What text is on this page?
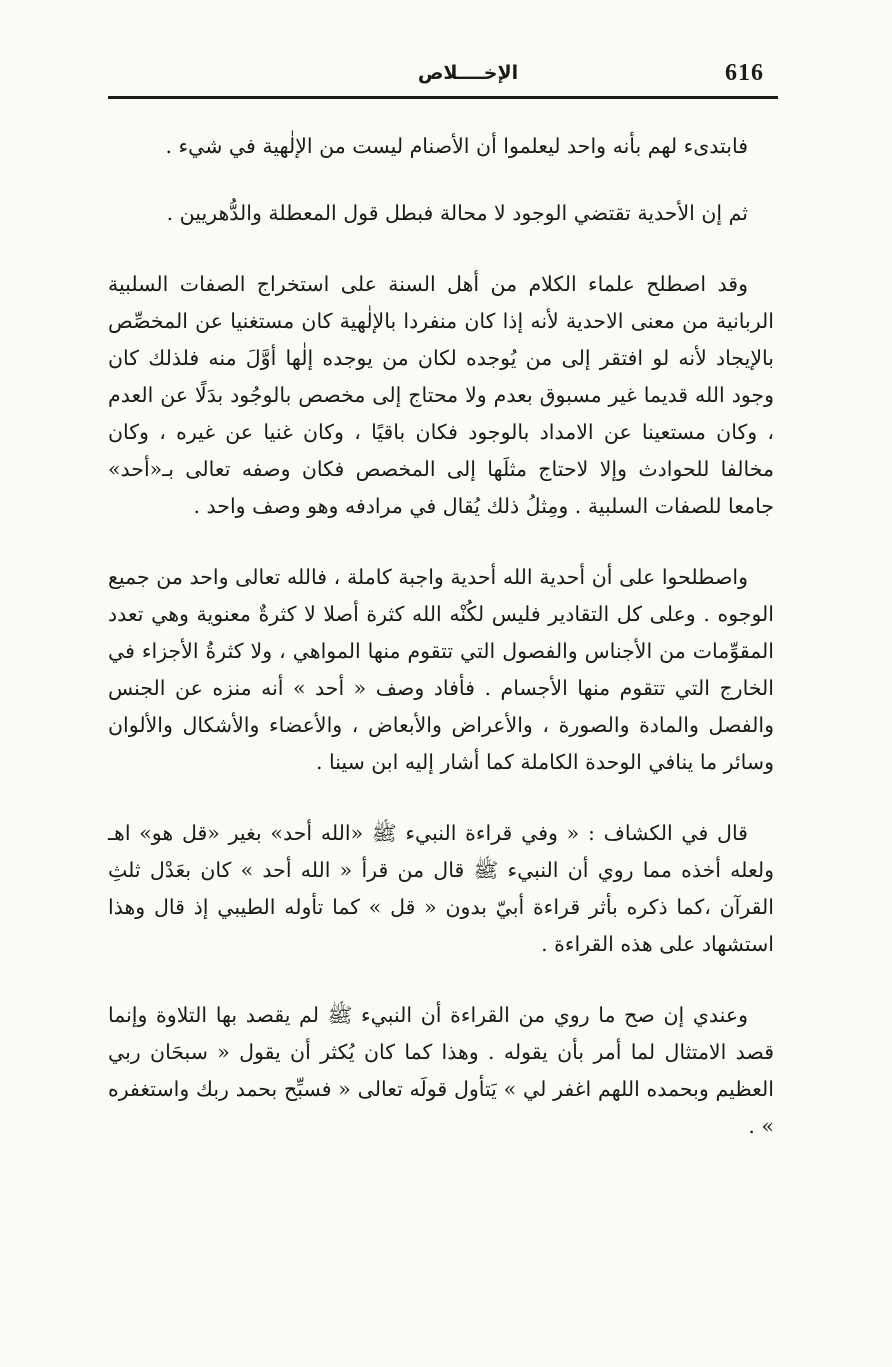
616
الإخــــلاص

فابتدىء لهم بأنه واحد ليعلموا أن الأصنام ليست من الإلٰهية في شيء .

ثم إن الأحدية تقتضي الوجود لا محالة فبطل قول المعطلة والدُّهريين .

وقد اصطلح علماء الكلام من أهل السنة على استخراج الصفات السلبية الربانية من معنى الاحدية لأنه إذا كان منفردا بالإلٰهية كان مستغنيا عن المخصِّص بالإيجاد لأنه لو افتقر إلى من يُوجده لكان من يوجده إلٰها أوَّلَ منه فلذلك كان وجود الله قديما غير مسبوق بعدم ولا محتاج إلى مخصص بالوجُود بدَلًا عن العدم ، وكان مستعينا عن الامداد بالوجود فكان باقيًا ، وكان غنيا عن غيره ، وكان مخالفا للحوادث وإلا لاحتاج مثلَها إلى المخصص فكان وصفه تعالى بـ«أحد» جامعا للصفات السلبية . ومِثلُ ذلك يُقال في مرادفه وهو وصف واحد .

واصطلحوا على أن أحدية الله أحدية واجبة كاملة ، فالله تعالى واحد من جميع الوجوه . وعلى كل التقادير فليس لكُنْه الله كثرة أصلا لا كثرةٌ معنوية وهي تعدد المقوِّمات من الأجناس والفصول التي تتقوم منها المواهي ، ولا كثرةُ الأجزاء في الخارج التي تتقوم منها الأجسام . فأفاد وصف « أحد » أنه منزه عن الجنس والفصل والمادة والصورة ، والأعراض والأبعاض ، والأعضاء والأشكال والألوان وسائر ما ينافي الوحدة الكاملة كما أشار إليه ابن سينا .

قال في الكشاف : « وفي قراءة النبيء ﷺ «الله أحد» بغير «قل هو» اهـ ولعله أخذه مما روي أن النبيء ﷺ قال من قرأ « الله أحد » كان بعَدْل ثلثِ القرآن ،كما ذكره بأثر قراءة أبيّ بدون « قل » كما تأوله الطيبي إذ قال وهذا استشهاد على هذه القراءة .

وعندي إن صح ما روي من القراءة أن النبيء ﷺ لم يقصد بها التلاوة وإنما قصد الامتثال لما أمر بأن يقوله . وهذا كما كان يُكثر أن يقول « سبحَان ربي العظيم وبحمده اللهم اغفر لي » يَتأول قولَه تعالى « فسبِّح بحمد ربك واستغفره » .
